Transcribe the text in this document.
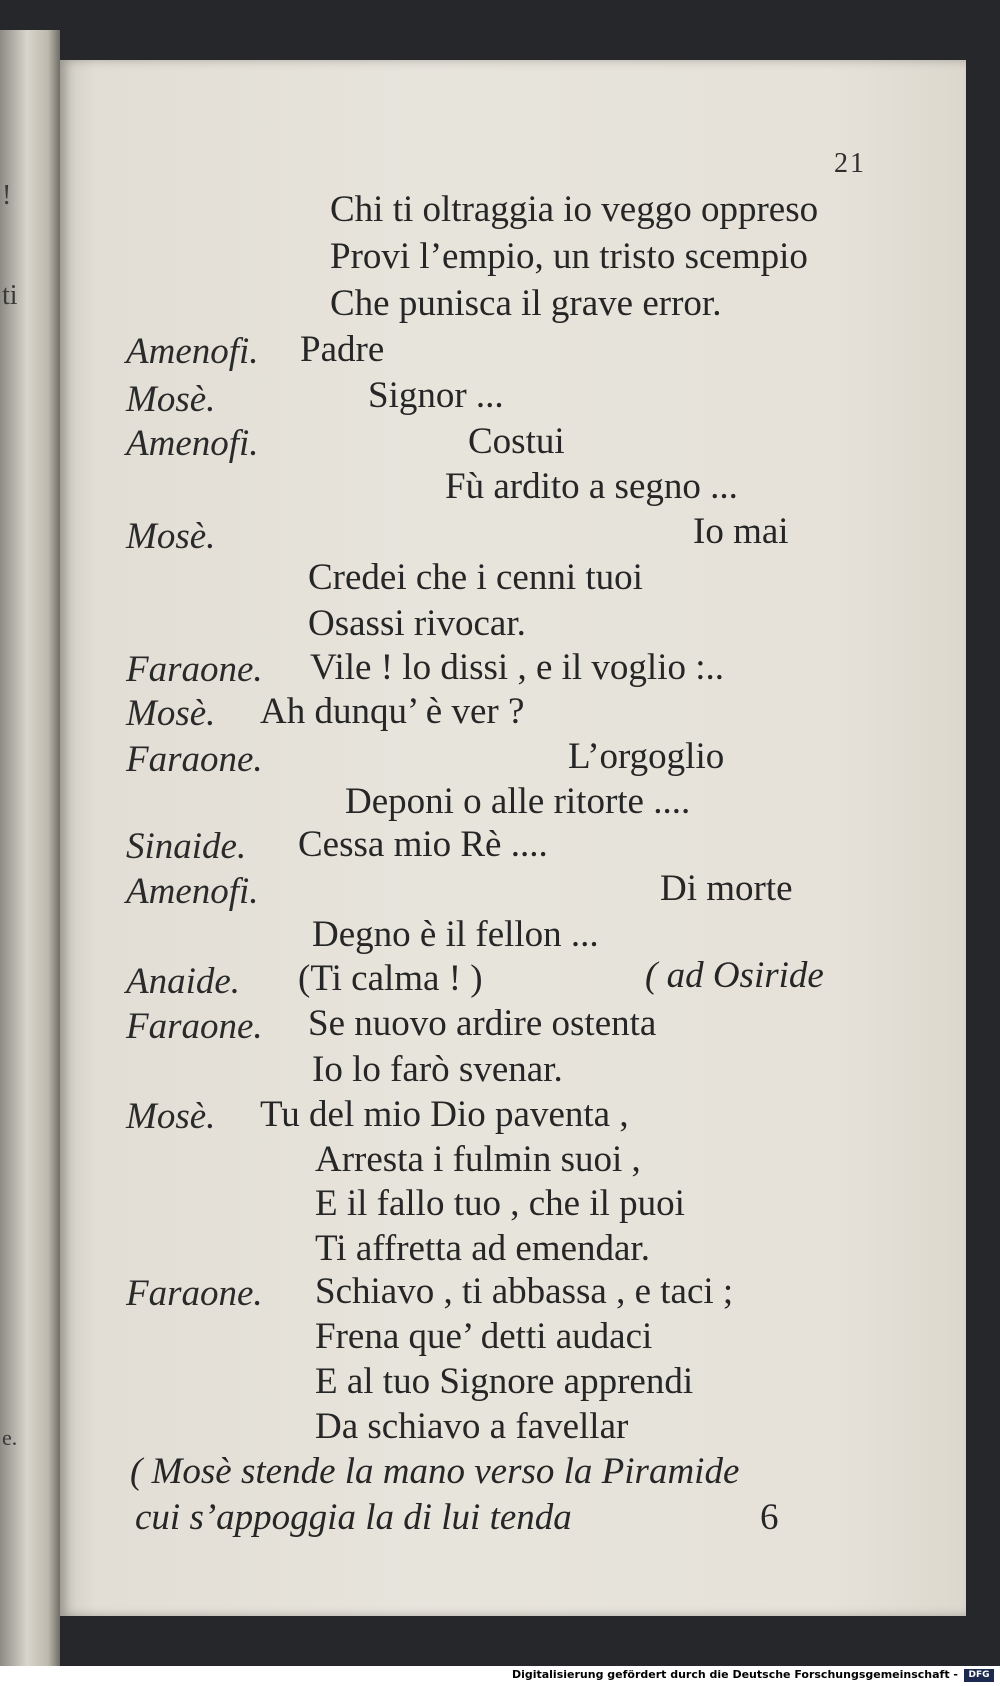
!
ti
e.
21
Chi ti oltraggia io veggo oppreso
Provi l’empio, un tristo scempio
Che punisca il grave error.
Amenofi. Padre
Mosè.	Signor ...
Amenofi.	Costui
Fù ardito a segno ...
Mosè.	Io mai
Credei che i cenni tuoi
Osassi rivocar.
Faraone. Vile ! lo dissi , e il voglio :..
Mosè. Ah dunqu’ è ver ?
Faraone.	L’orgoglio
Deponi o alle ritorte ....
Sinaide. Cessa mio Rè ....
Amenofi.	Di morte
Degno è il fellon ...
Anaide. (Ti calma ! )	( ad Osiride
Faraone. Se nuovo ardire ostenta
Io lo farò svenar.
Mosè. Tu del mio Dio paventa ,
Arresta i fulmin suoi ,
E il fallo tuo , che il puoi
Ti affretta ad emendar.
Faraone. Schiavo , ti abbassa , e taci ;
Frena que’ detti audaci
E al tuo Signore apprendi
Da schiavo a favellar
( Mosè stende la mano verso la Piramide
cui s’appoggia la di lui tenda	6
Digitalisierung gefördert durch die Deutsche Forschungsgemeinschaft -	DFG
